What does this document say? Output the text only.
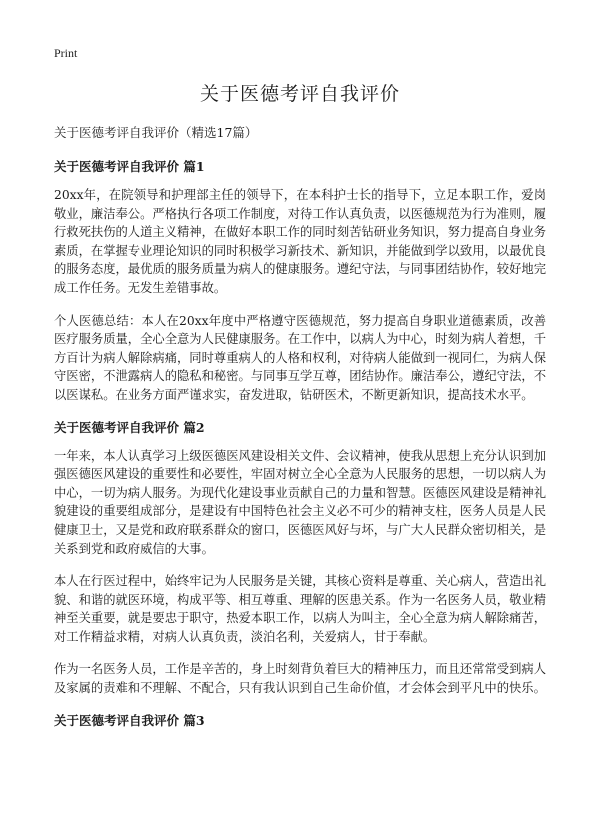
Print
关于医德考评自我评价
关于医德考评自我评价（精选17篇）
关于医德考评自我评价 篇1

20xx年，在院领导和护理部主任的领导下，在本科护士长的指导下，立足本职工作，爱岗敬业，廉洁奉公。严格执行各项工作制度，对待工作认真负责，以医德规范为行为准则，履行救死扶伤的人道主义精神，在做好本职工作的同时刻苦钻研业务知识，努力提高自身业务素质，在掌握专业理论知识的同时积极学习新技术、新知识，并能做到学以致用，以最优良的服务态度，最优质的服务质量为病人的健康服务。遵纪守法，与同事团结协作，较好地完成工作任务。无发生差错事故。

个人医德总结：本人在20xx年度中严格遵守医德规范，努力提高自身职业道德素质，改善医疗服务质量，全心全意为人民健康服务。在工作中，以病人为中心，时刻为病人着想，千方百计为病人解除病痛，同时尊重病人的人格和权利，对待病人能做到一视同仁，为病人保守医密，不泄露病人的隐私和秘密。与同事互学互尊，团结协作。廉洁奉公，遵纪守法，不以医谋私。在业务方面严谨求实，奋发进取，钻研医术，不断更新知识，提高技术水平。

关于医德考评自我评价 篇2

一年来，本人认真学习上级医德医风建设相关文件、会议精神，使我从思想上充分认识到加强医德医风建设的重要性和必要性，牢固对树立全心全意为人民服务的思想，一切以病人为中心，一切为病人服务。为现代化建设事业贡献自己的力量和智慧。医德医风建设是精神礼貌建设的重要组成部分，是建设有中国特色社会主义必不可少的精神支柱，医务人员是人民健康卫士，又是党和政府联系群众的窗口，医德医风好与坏，与广大人民群众密切相关，是关系到党和政府威信的大事。

本人在行医过程中，始终牢记为人民服务是关键，其核心资料是尊重、关心病人，营造出礼貌、和谐的就医环境，构成平等、相互尊重、理解的医患关系。作为一名医务人员，敬业精神至关重要，就是要忠于职守，热爱本职工作，以病人为叫主，全心全意为病人解除痛苦，对工作精益求精，对病人认真负责，淡泊名利，关爱病人，甘于奉献。

作为一名医务人员，工作是辛苦的，身上时刻背负着巨大的精神压力，而且还常常受到病人及家属的责难和不理解、不配合，只有我认识到自己生命价值，才会体会到平凡中的快乐。

关于医德考评自我评价 篇3
